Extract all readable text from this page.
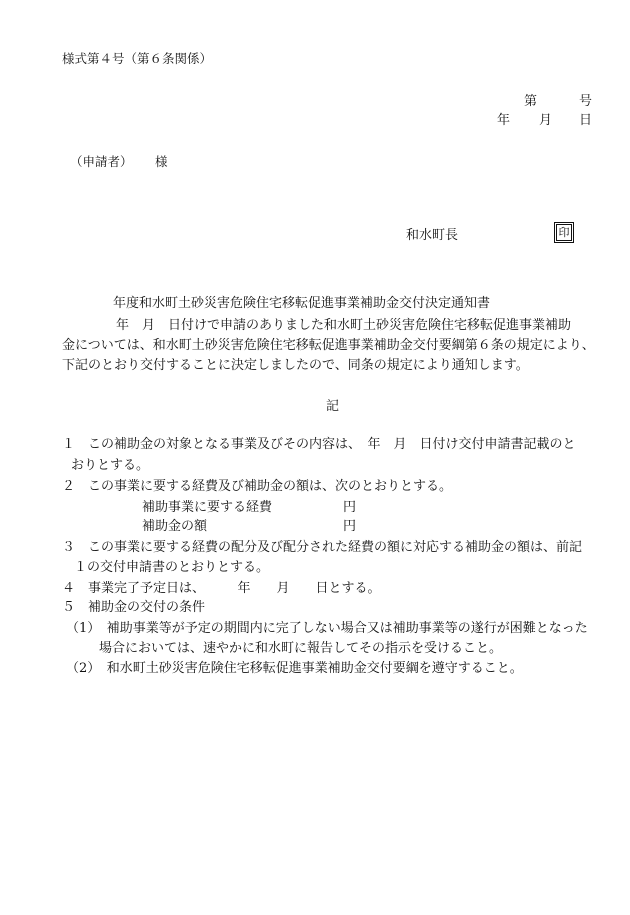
様式第４号（第６条関係）
第	号
年 月 日
（申請者） 様
和水町長	印
年度和水町土砂災害危険住宅移転促進事業補助金交付決定通知書
年　月　日付けで申請のありました和水町土砂災害危険住宅移転促進事業補助
金については、和水町土砂災害危険住宅移転促進事業補助金交付要綱第６条の規定により、
下記のとおり交付することに決定しましたので、同条の規定により通知します。
記
１　この補助金の対象となる事業及びその内容は、　年　月　日付け交付申請書記載のと
おりとする。
２　この事業に要する経費及び補助金の額は、次のとおりとする。
補助事業に要する経費	円
補助金の額	円
３　この事業に要する経費の配分及び配分された経費の額に対応する補助金の額は、前記
１の交付申請書のとおりとする。
４　事業完了予定日は、　　　年　　月　　日とする。
５　補助金の交付の条件
（1）　補助事業等が予定の期間内に完了しない場合又は補助事業等の遂行が困難となった
場合においては、速やかに和水町に報告してその指示を受けること。
（2）　和水町土砂災害危険住宅移転促進事業補助金交付要綱を遵守すること。
